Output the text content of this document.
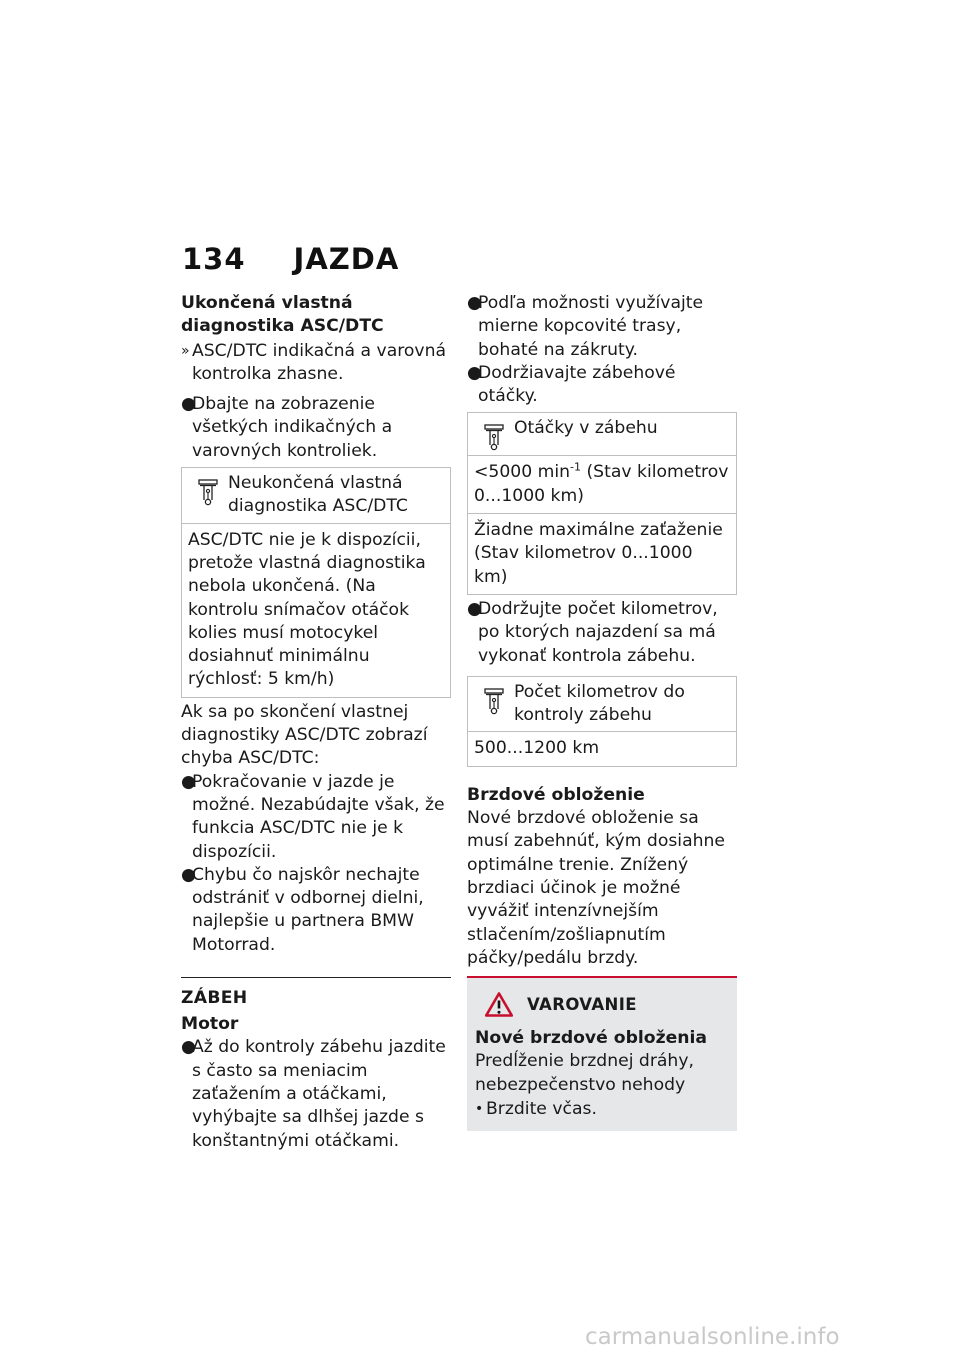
134 JAZDA

Ukončená vlastná diagnostika ASC/DTC

» ASC/DTC indikačná a varovná kontrolka zhasne.
●
Dbajte na zobrazenie všetkých indikačných a varovných kontroliek.
Neukončená vlastná diagnostika ASC/DTC
ASC/DTC nie je k dispozícii, pretože vlastná diagnostika nebola ukončená. (Na kontrolu snímačov otáčok kolies musí motocykel dosiahnuť minimálnu rýchlosť: 5 km/h)

Ak sa po skončení vlastnej diagnostiky ASC/DTC zobrazí chyba ASC/DTC:

●
Pokračovanie v jazde je možné. Nezabúdajte však, že funkcia ASC/DTC nie je k dispozícii.
●
Chybu čo najskôr nechajte odstrániť v odbornej dielni, najlepšie u partnera BMW Motorrad.
ZÁBEH

Motor

●
Až do kontroly zábehu jazdite s často sa meniacim zaťažením a otáčkami, vyhýbajte sa dlhšej jazde s konštantnými otáčkami.
●
Podľa možnosti využívajte mierne kopcovité trasy, bohaté na zákruty.
●
Dodržiavajte zábehové otáčky.
Otáčky v zábehu
<5000 $\min^{-1}$ (Stav kilometrov 0...1000 km)
Žiadne maximálne zaťaženie (Stav kilometrov 0...1000 km)
●
Dodržujte počet kilometrov, po ktorých najazdení sa má vykonať kontrola zábehu.
Počet kilometrov do kontroly zábehu
500...1200 km

Brzdové obloženie

Nové brzdové obloženie sa musí zabehnúť, kým dosiahne optimálne trenie. Znížený brzdiaci účinok je možné vyvážiť intenzívnejším stlačením/zošliapnutím páčky/pedálu brzdy.

VAROVANIE

Nové brzdové obloženia

Predĺženie brzdnej dráhy, nebezpečenstvo nehody

• Brzdite včas.
carmanualsonline.info
